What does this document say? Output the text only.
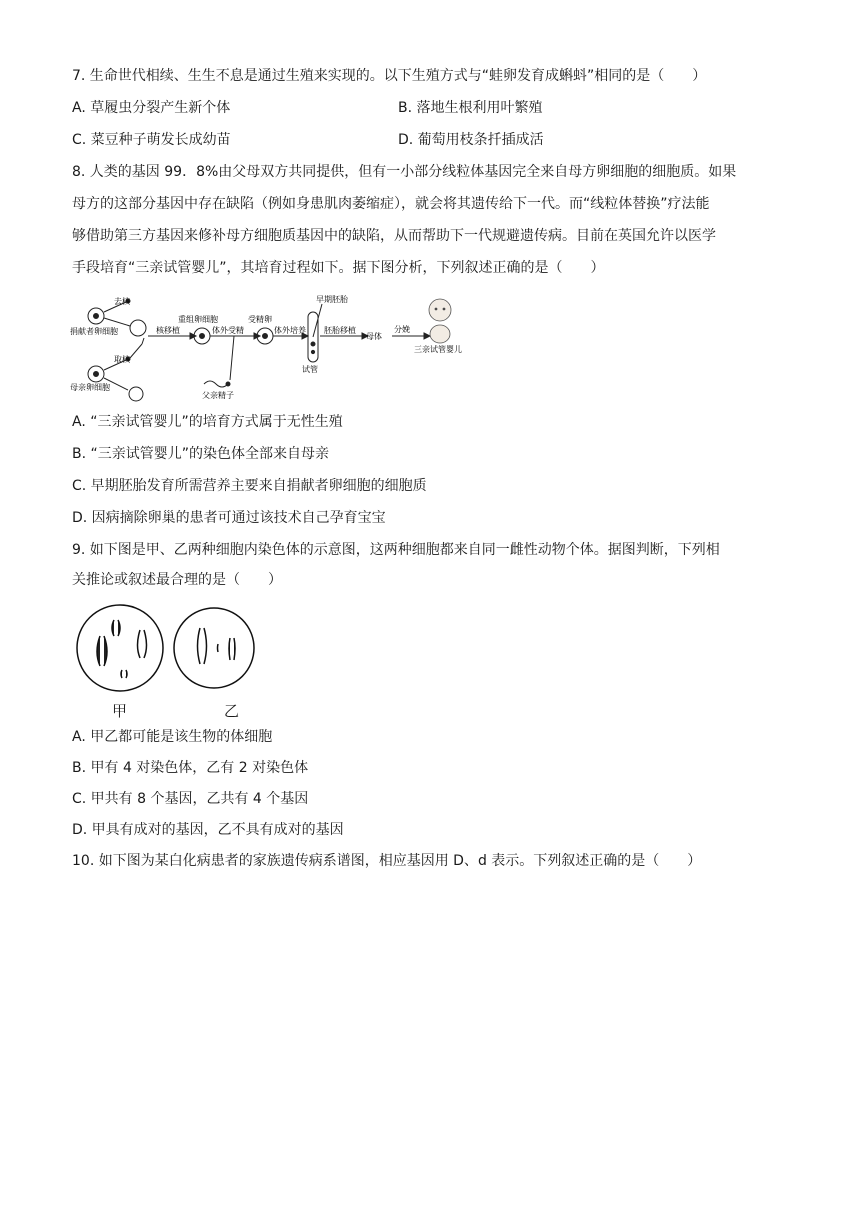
7. 生命世代相续、生生不息是通过生殖来实现的。以下生殖方式与“蛙卵发育成蝌蚪”相同的是（　　）
A. 草履虫分裂产生新个体	B. 落地生根利用叶繁殖
C. 菜豆种子萌发长成幼苗	D. 葡萄用枝条扦插成活
8. 人类的基因 99．8%由父母双方共同提供，但有一小部分线粒体基因完全来自母方卵细胞的细胞质。如果
母方的这部分基因中存在缺陷（例如身患肌肉萎缩症），就会将其遗传给下一代。而“线粒体替换”疗法能
够借助第三方基因来修补母方细胞质基因中的缺陷，从而帮助下一代规避遗传病。目前在英国允许以医学
手段培育“三亲试管婴儿”，其培育过程如下。据下图分析，下列叙述正确的是（　　）
去核
捐献者卵细胞
取核
母亲卵细胞
核移植
重组卵细胞
体外受精
受精卵
体外培养
早期胚胎
胚胎移植
母体
分娩
三亲试管婴儿
试管
父亲精子
A. “三亲试管婴儿”的培育方式属于无性生殖
B. “三亲试管婴儿”的染色体全部来自母亲
C. 早期胚胎发育所需营养主要来自捐献者卵细胞的细胞质
D. 因病摘除卵巢的患者可通过该技术自己孕育宝宝
9. 如下图是甲、乙两种细胞内染色体的示意图，这两种细胞都来自同一雌性动物个体。据图判断，下列相
关推论或叙述最合理的是（　　）
甲	乙
A. 甲乙都可能是该生物的体细胞
B. 甲有 4 对染色体，乙有 2 对染色体
C. 甲共有 8 个基因，乙共有 4 个基因
D. 甲具有成对的基因，乙不具有成对的基因
10. 如下图为某白化病患者的家族遗传病系谱图，相应基因用 D、d 表示。下列叙述正确的是（　　）
